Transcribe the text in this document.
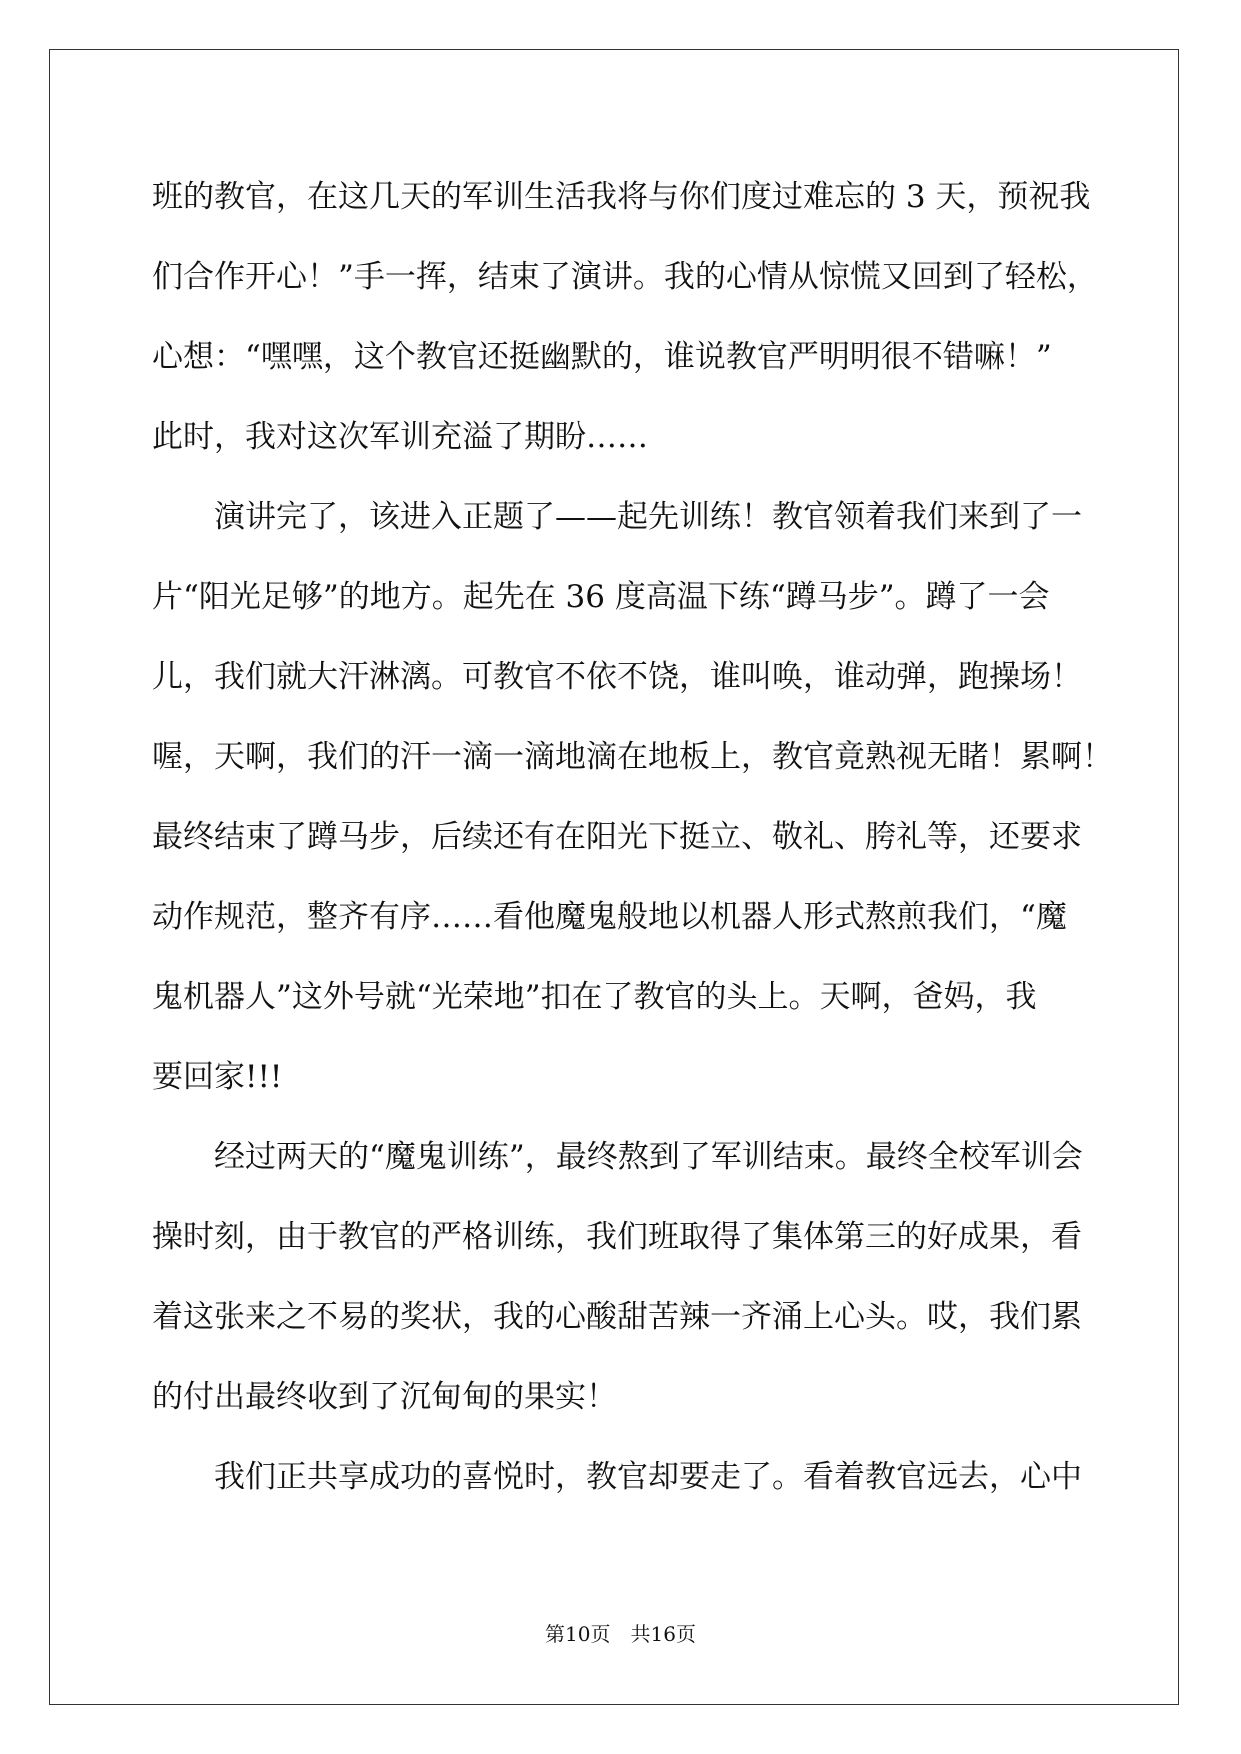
班的教官，在这几天的军训生活我将与你们度过难忘的 3 天，预祝我
们合作开心！”手一挥，结束了演讲。我的心情从惊慌又回到了轻松，
心想：“嘿嘿，这个教官还挺幽默的，谁说教官严明明很不错嘛！”
此时，我对这次军训充溢了期盼……
　　演讲完了，该进入正题了——起先训练！教官领着我们来到了一
片“阳光足够”的地方。起先在 36 度高温下练“蹲马步”。蹲了一会
儿，我们就大汗淋漓。可教官不依不饶，谁叫唤，谁动弹，跑操场！
喔，天啊，我们的汗一滴一滴地滴在地板上，教官竟熟视无睹！累啊！
最终结束了蹲马步，后续还有在阳光下挺立、敬礼、胯礼等，还要求
动作规范，整齐有序……看他魔鬼般地以机器人形式熬煎我们，“魔
鬼机器人”这外号就“光荣地”扣在了教官的头上。天啊，爸妈，我
要回家!!!
　　经过两天的“魔鬼训练”，最终熬到了军训结束。最终全校军训会
操时刻，由于教官的严格训练，我们班取得了集体第三的好成果，看
着这张来之不易的奖状，我的心酸甜苦辣一齐涌上心头。哎，我们累
的付出最终收到了沉甸甸的果实！
　　我们正共享成功的喜悦时，教官却要走了。看着教官远去，心中
第10页　共16页
